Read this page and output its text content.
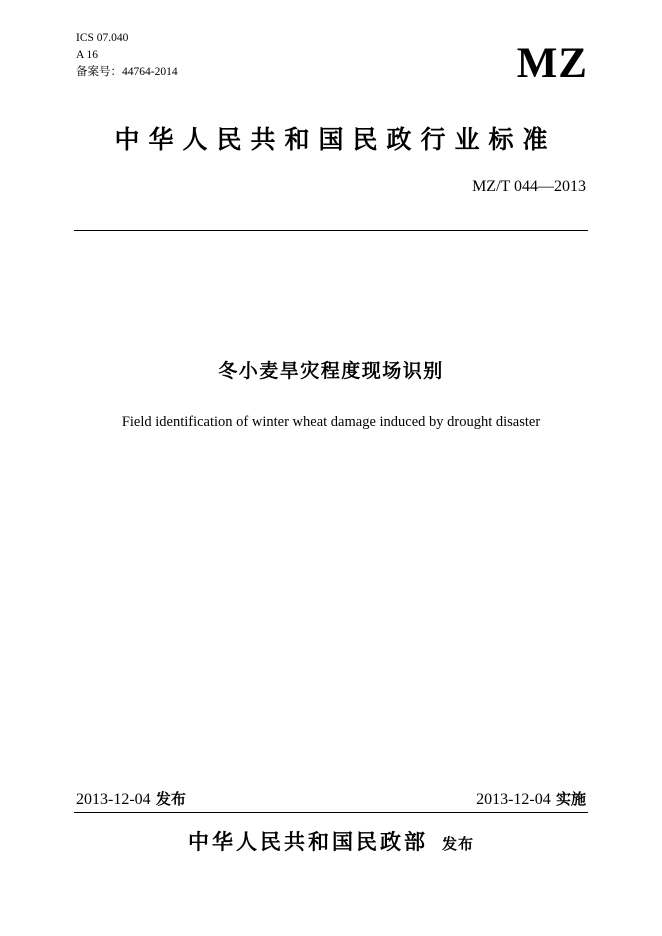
ICS 07.040
A 16
备案号：44764-2014	MZ
中华人民共和国民政行业标准
MZ/T 044—2013
冬小麦旱灾程度现场识别
Field identification of winter wheat damage induced by drought disaster
2013-12-04 发布	2013-12-04 实施
中华人民共和国民政部 发布
